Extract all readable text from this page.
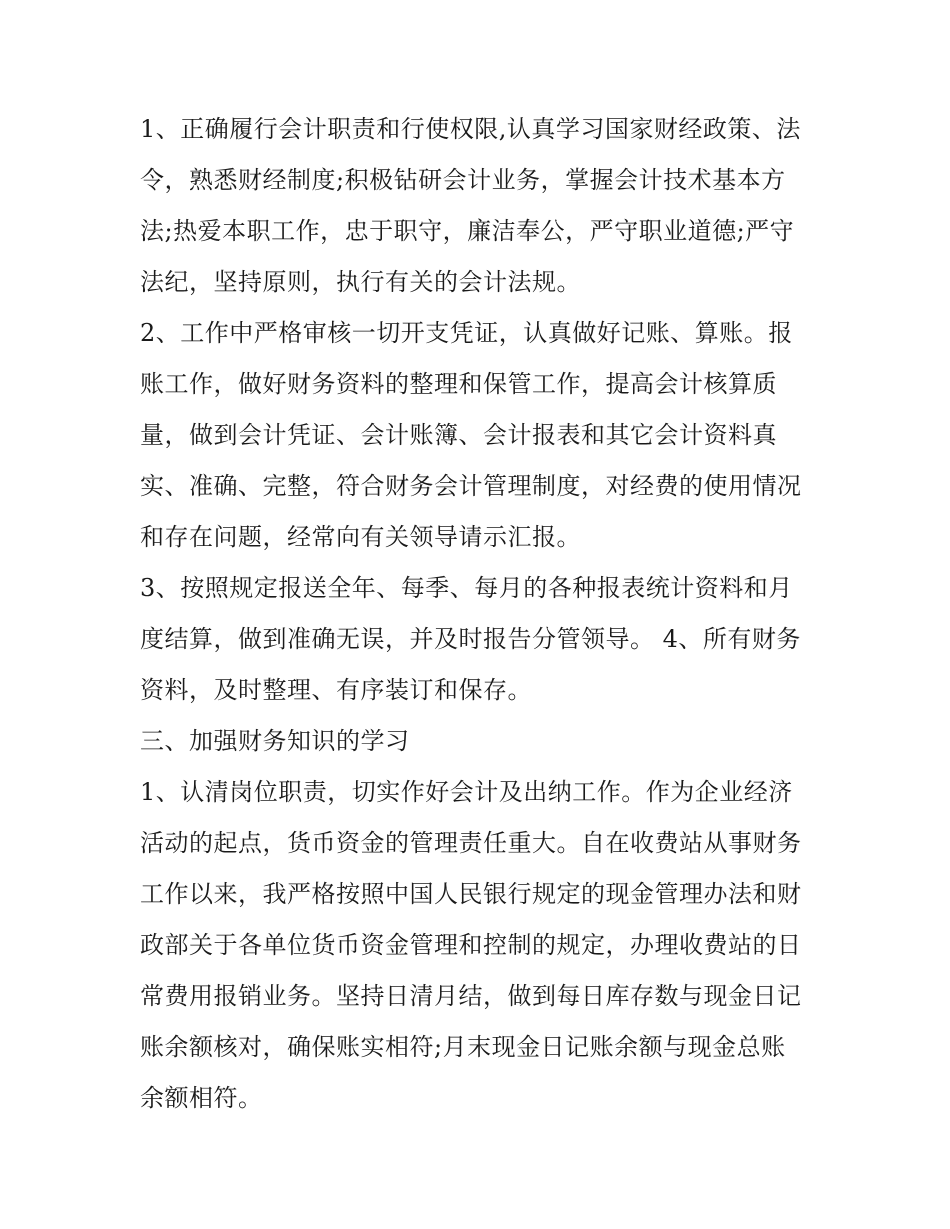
1、正确履行会计职责和行使权限,认真学习国家财经政策、法
令，熟悉财经制度;积极钻研会计业务，掌握会计技术基本方
法;热爱本职工作，忠于职守，廉洁奉公，严守职业道德;严守
法纪，坚持原则，执行有关的会计法规。
2、工作中严格审核一切开支凭证，认真做好记账、算账。报
账工作，做好财务资料的整理和保管工作，提高会计核算质
量，做到会计凭证、会计账簿、会计报表和其它会计资料真
实、准确、完整，符合财务会计管理制度，对经费的使用情况
和存在问题，经常向有关领导请示汇报。
3、按照规定报送全年、每季、每月的各种报表统计资料和月
度结算，做到准确无误，并及时报告分管领导。 4、所有财务
资料，及时整理、有序装订和保存。
三、加强财务知识的学习
1、认清岗位职责，切实作好会计及出纳工作。作为企业经济
活动的起点，货币资金的管理责任重大。自在收费站从事财务
工作以来，我严格按照中国人民银行规定的现金管理办法和财
政部关于各单位货币资金管理和控制的规定，办理收费站的日
常费用报销业务。坚持日清月结，做到每日库存数与现金日记
账余额核对，确保账实相符;月末现金日记账余额与现金总账
余额相符。
